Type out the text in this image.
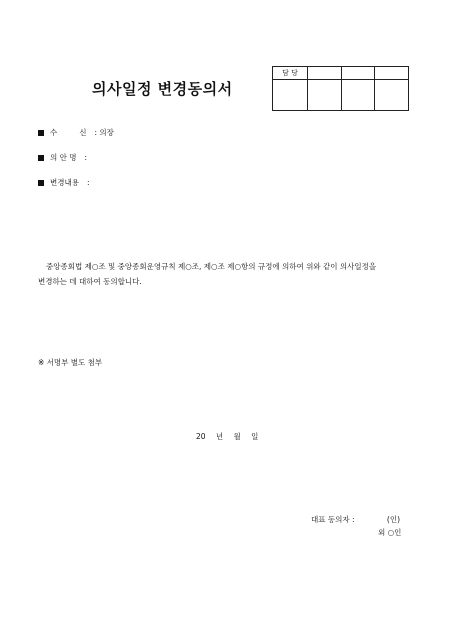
의사일정 변경동의서
담 당			

수	신 : 의장
의 안 명 :
변경내용 :
중앙종회법 제○조 및 중앙종회운영규칙 제○조, 제○조 제○항의 규정에 의하여 위와 같이 의사일정을
변경하는 데 대하여 동의합니다.
※ 서명부 별도 첨부
20 년 월 일
대표 동의자 :	(인)
외 ○인
